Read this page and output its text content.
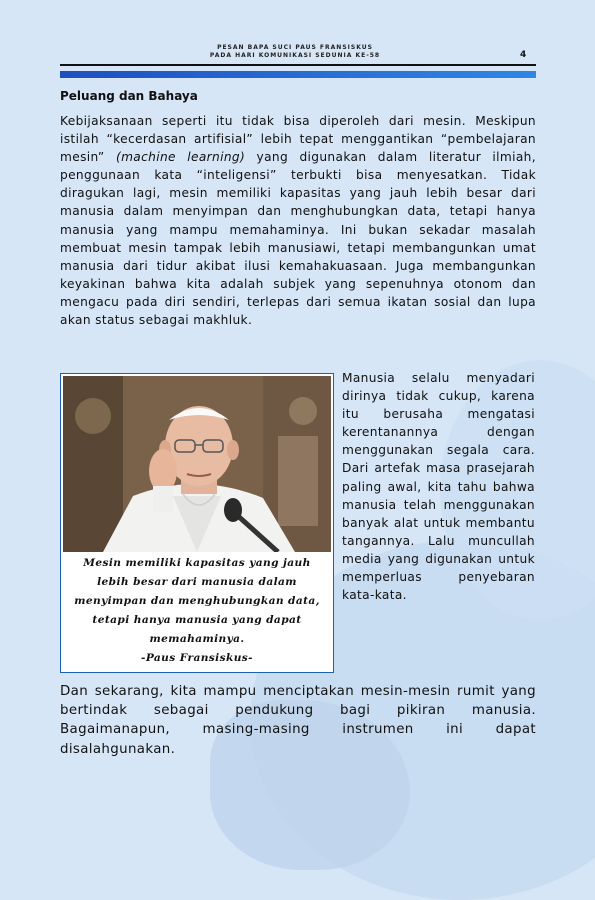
PESAN BAPA SUCI PAUS FRANSISKUS
PADA HARI KOMUNIKASI SEDUNIA KE-58	4
Peluang dan Bahaya

Kebijaksanaan seperti itu tidak bisa diperoleh dari mesin. Meskipun istilah “kecerdasan artifisial” lebih tepat menggantikan “pembelajaran mesin” (machine learning) yang digunakan dalam literatur ilmiah, penggunaan kata “inteligensi” terbukti bisa menyesatkan. Tidak diragukan lagi, mesin memiliki kapasitas yang jauh lebih besar dari manusia dalam menyimpan dan menghubungkan data, tetapi hanya manusia yang mampu memahaminya. Ini bukan sekadar masalah membuat mesin tampak lebih manusiawi, tetapi membangunkan umat manusia dari tidur akibat ilusi kemahakuasaan. Juga membangunkan keyakinan bahwa kita adalah subjek yang sepenuhnya otonom dan mengacu pada diri sendiri, terlepas dari semua ikatan sosial dan lupa akan status sebagai makhluk.

Mesin memiliki kapasitas yang jauh lebih besar dari manusia dalam menyimpan dan menghubungkan data, tetapi hanya manusia yang dapat memahaminya.
-Paus Fransiskus-

Manusia selalu menyadari dirinya tidak cukup, karena itu berusaha mengatasi kerentanannya dengan menggunakan segala cara. Dari artefak masa prasejarah paling awal, kita tahu bahwa manusia telah menggunakan banyak alat untuk membantu tangannya. Lalu muncullah media yang digunakan untuk memperluas penyebaran kata-kata.

Dan sekarang, kita mampu menciptakan mesin-mesin rumit yang bertindak sebagai pendukung bagi pikiran manusia. Bagaimanapun, masing-masing instrumen ini dapat disalahgunakan.
